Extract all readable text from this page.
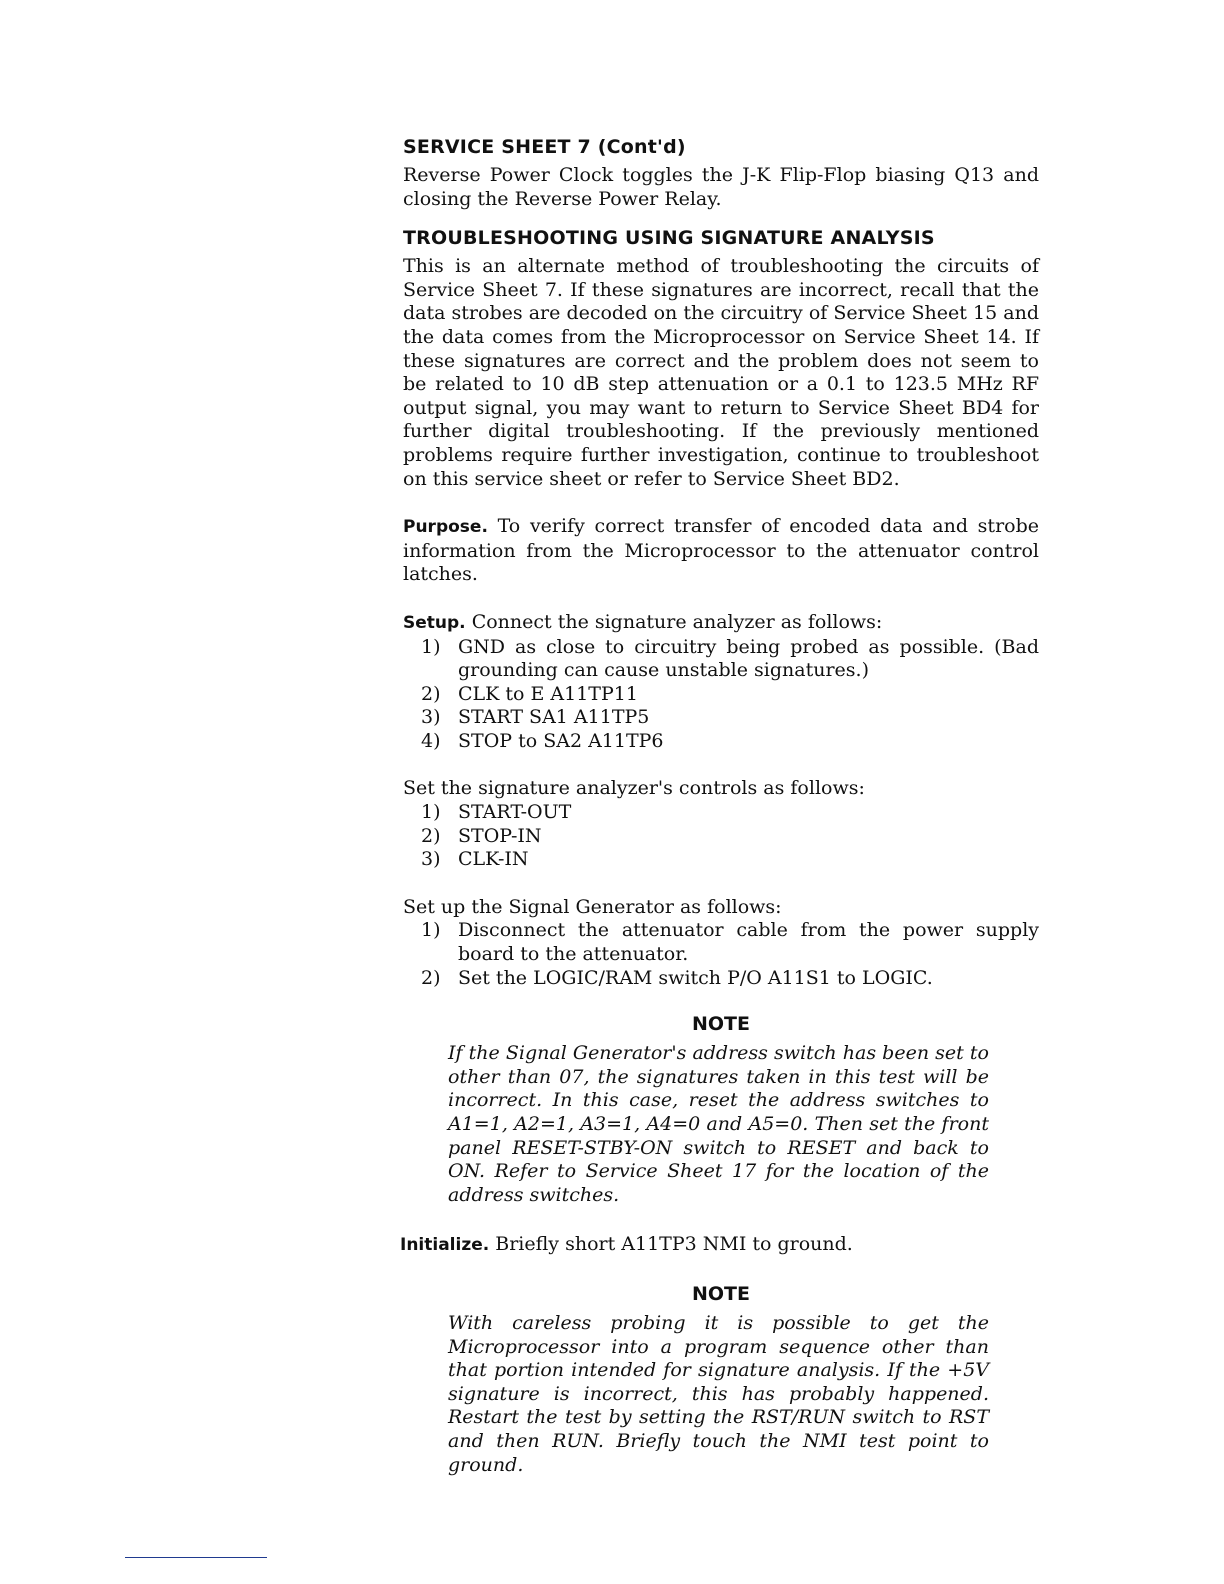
SERVICE SHEET 7 (Cont'd)

Reverse Power Clock toggles the J-K Flip-Flop biasing Q13 and closing the Reverse Power Relay.

TROUBLESHOOTING USING SIGNATURE ANALYSIS

This is an alternate method of troubleshooting the circuits of Service Sheet 7. If these signatures are incorrect, recall that the data strobes are decoded on the circuitry of Service Sheet 15 and the data comes from the Microprocessor on Service Sheet 14. If these signatures are correct and the problem does not seem to be related to 10 dB step attenuation or a 0.1 to 123.5 MHz RF output signal, you may want to return to Service Sheet BD4 for further digital troubleshooting. If the previously mentioned problems require further investigation, continue to troubleshoot on this service sheet or refer to Service Sheet BD2.

Purpose. To verify correct transfer of encoded data and strobe information from the Microprocessor to the attenuator control latches.

Setup. Connect the signature analyzer as follows:

1) GND as close to circuitry being probed as possible. (Bad grounding can cause unstable signatures.)
2) CLK to E A11TP11
3) START SA1 A11TP5
4) STOP to SA2 A11TP6

Set the signature analyzer's controls as follows:

1) START-OUT
2) STOP-IN
3) CLK-IN

Set up the Signal Generator as follows:

1) Disconnect the attenuator cable from the power supply board to the attenuator.
2) Set the LOGIC/RAM switch P/O A11S1 to LOGIC.
NOTE

If the Signal Generator's address switch has been set to other than 07, the signatures taken in this test will be incorrect. In this case, reset the address switches to A1=1, A2=1, A3=1, A4=0 and A5=0. Then set the front panel RESET-STBY-ON switch to RESET and back to ON. Refer to Service Sheet 17 for the location of the address switches.

Initialize. Briefly short A11TP3 NMI to ground.

NOTE

With careless probing it is possible to get the Microprocessor into a program sequence other than that portion intended for signature analysis. If the +5V signature is incorrect, this has probably happened. Restart the test by setting the RST/RUN switch to RST and then RUN. Briefly touch the NMI test point to ground.
